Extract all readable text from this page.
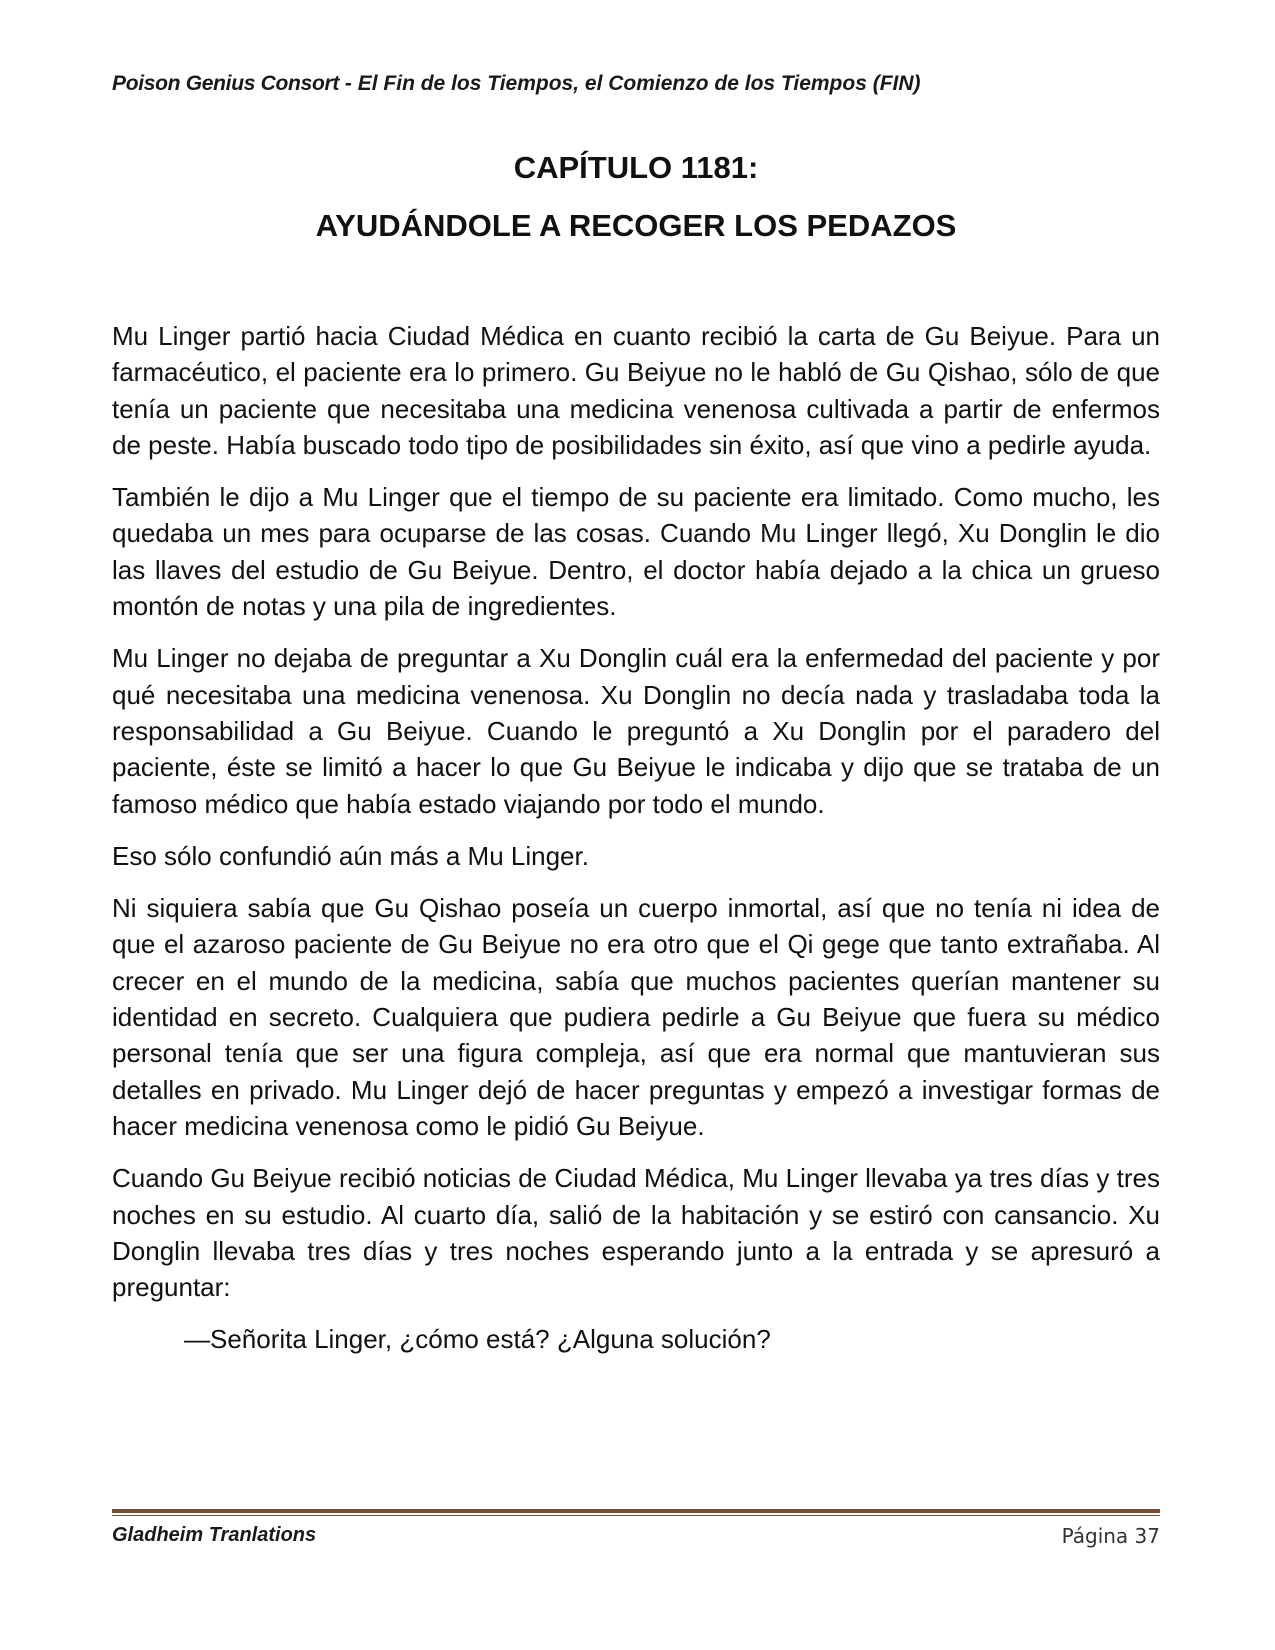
Poison Genius Consort - El Fin de los Tiempos, el Comienzo de los Tiempos (FIN)
CAPÍTULO 1181:
AYUDÁNDOLE A RECOGER LOS PEDAZOS

Mu Linger partió hacia Ciudad Médica en cuanto recibió la carta de Gu Beiyue. Para un farmacéutico, el paciente era lo primero. Gu Beiyue no le habló de Gu Qishao, sólo de que tenía un paciente que necesitaba una medicina venenosa cultivada a partir de enfermos de peste. Había buscado todo tipo de posibilidades sin éxito, así que vino a pedirle ayuda.

También le dijo a Mu Linger que el tiempo de su paciente era limitado. Como mucho, les quedaba un mes para ocuparse de las cosas. Cuando Mu Linger llegó, Xu Donglin le dio las llaves del estudio de Gu Beiyue. Dentro, el doctor había dejado a la chica un grueso montón de notas y una pila de ingredientes.

Mu Linger no dejaba de preguntar a Xu Donglin cuál era la enfermedad del paciente y por qué necesitaba una medicina venenosa. Xu Donglin no decía nada y trasladaba toda la responsabilidad a Gu Beiyue. Cuando le preguntó a Xu Donglin por el paradero del paciente, éste se limitó a hacer lo que Gu Beiyue le indicaba y dijo que se trataba de un famoso médico que había estado viajando por todo el mundo.

Eso sólo confundió aún más a Mu Linger.

Ni siquiera sabía que Gu Qishao poseía un cuerpo inmortal, así que no tenía ni idea de que el azaroso paciente de Gu Beiyue no era otro que el Qi gege que tanto extrañaba. Al crecer en el mundo de la medicina, sabía que muchos pacientes querían mantener su identidad en secreto. Cualquiera que pudiera pedirle a Gu Beiyue que fuera su médico personal tenía que ser una figura compleja, así que era normal que mantuvieran sus detalles en privado. Mu Linger dejó de hacer preguntas y empezó a investigar formas de hacer medicina venenosa como le pidió Gu Beiyue.

Cuando Gu Beiyue recibió noticias de Ciudad Médica, Mu Linger llevaba ya tres días y tres noches en su estudio. Al cuarto día, salió de la habitación y se estiró con cansancio. Xu Donglin llevaba tres días y tres noches esperando junto a la entrada y se apresuró a preguntar:

—Señorita Linger, ¿cómo está? ¿Alguna solución?

Gladheim Tranlations	Página 37
